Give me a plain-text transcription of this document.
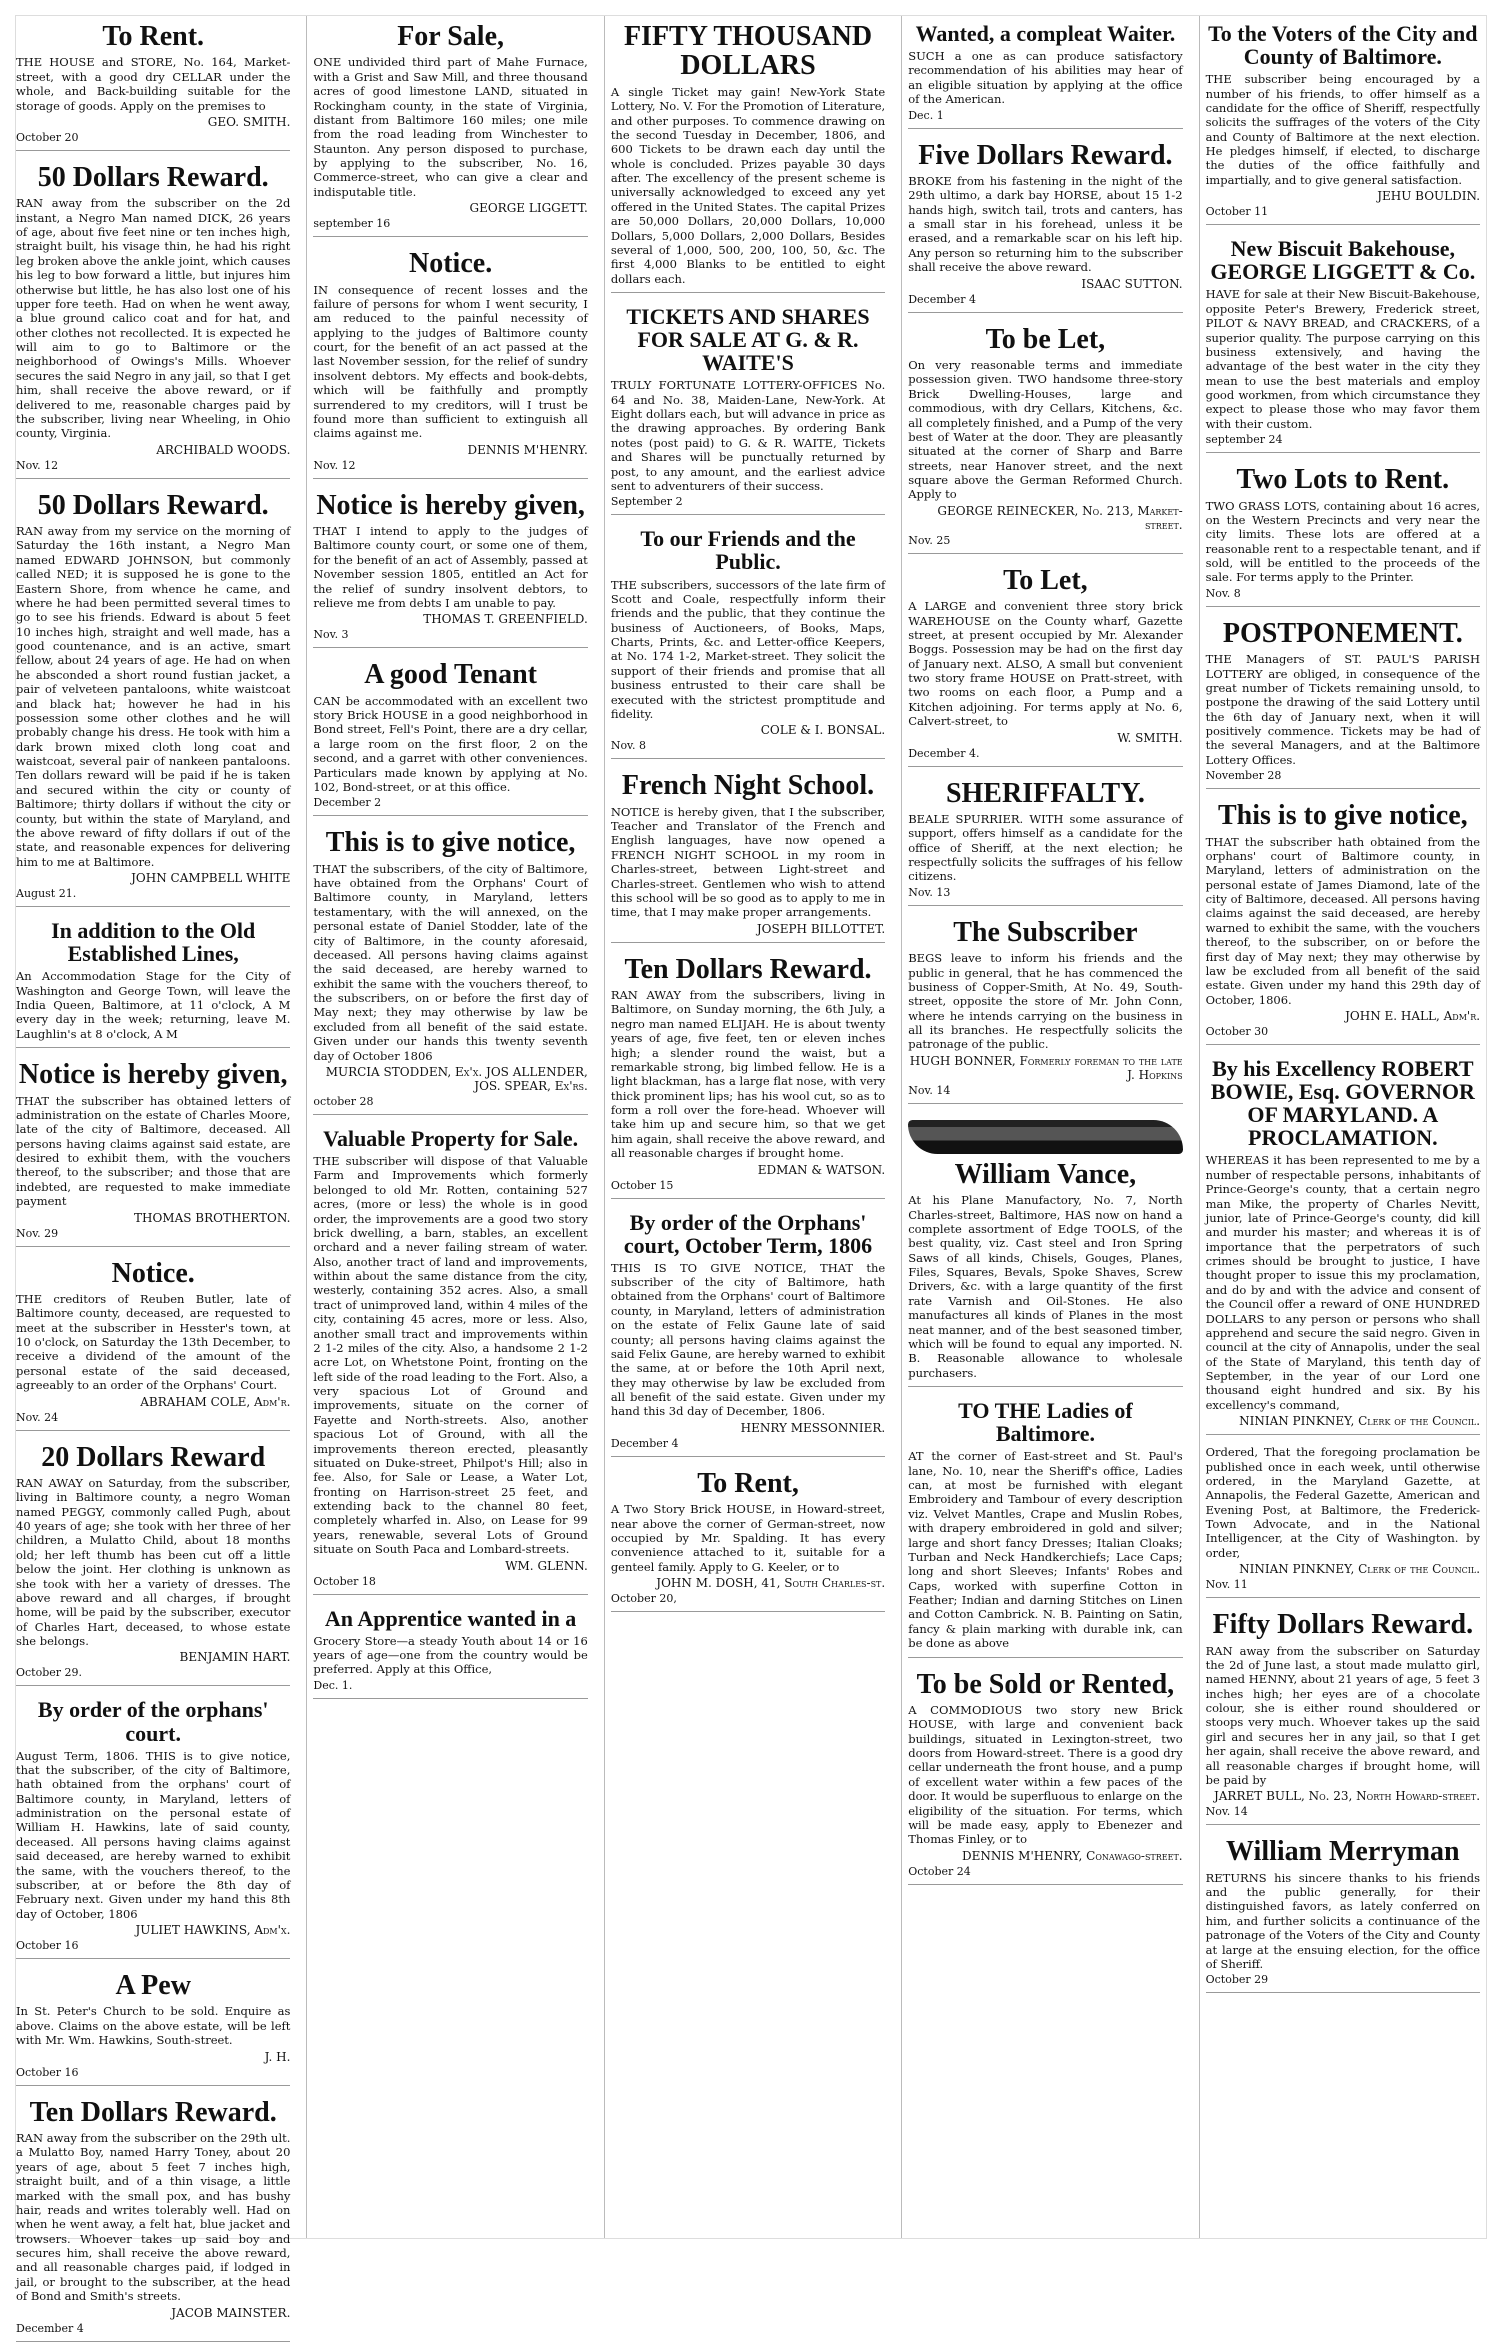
To Rent.
THE HOUSE and STORE, No. 164, Market-street, with a good dry CELLAR under the whole, and Back-building suitable for the storage of goods. Apply on the premises to
GEO. SMITH.
October 20
50 Dollars Reward.
RAN away from the subscriber on the 2d instant, a Negro Man named DICK, 26 years of age, about five feet nine or ten inches high, straight built, his visage thin, he had his right leg broken above the ankle joint, which causes his leg to bow forward a little, but injures him otherwise but little, he has also lost one of his upper fore teeth. Had on when he went away, a blue ground calico coat and for hat, and other clothes not recollected. It is expected he will aim to go to Baltimore or the neighborhood of Owings's Mills. Whoever secures the said Negro in any jail, so that I get him, shall receive the above reward, or if delivered to me, reasonable charges paid by the subscriber, living near Wheeling, in Ohio county, Virginia.
ARCHIBALD WOODS.
Nov. 12
50 Dollars Reward.
RAN away from my service on the morning of Saturday the 16th instant, a Negro Man named EDWARD JOHNSON, but commonly called NED; it is supposed he is gone to the Eastern Shore, from whence he came, and where he had been permitted several times to go to see his friends. Edward is about 5 feet 10 inches high, straight and well made, has a good countenance, and is an active, smart fellow, about 24 years of age. He had on when he absconded a short round fustian jacket, a pair of velveteen pantaloons, white waistcoat and black hat; however he had in his possession some other clothes and he will probably change his dress. He took with him a dark brown mixed cloth long coat and waistcoat, several pair of nankeen pantaloons. Ten dollars reward will be paid if he is taken and secured within the city or county of Baltimore; thirty dollars if without the city or county, but within the state of Maryland, and the above reward of fifty dollars if out of the state, and reasonable expences for delivering him to me at Baltimore.
JOHN CAMPBELL WHITE
August 21.
In addition to the Old Established Lines,
An Accommodation Stage for the City of Washington and George Town, will leave the India Queen, Baltimore, at 11 o'clock, A M every day in the week; returning, leave M. Laughlin's at 8 o'clock, A M
Notice is hereby given,
THAT the subscriber has obtained letters of administration on the estate of Charles Moore, late of the city of Baltimore, deceased. All persons having claims against said estate, are desired to exhibit them, with the vouchers thereof, to the subscriber; and those that are indebted, are requested to make immediate payment
THOMAS BROTHERTON.
Nov. 29
Notice.
THE creditors of Reuben Butler, late of Baltimore county, deceased, are requested to meet at the subscriber in Hesster's town, at 10 o'clock, on Saturday the 13th December, to receive a dividend of the amount of the personal estate of the said deceased, agreeably to an order of the Orphans' Court.
ABRAHAM COLE, Adm'r.
Nov. 24
20 Dollars Reward
RAN AWAY on Saturday, from the subscriber, living in Baltimore county, a negro Woman named PEGGY, commonly called Pugh, about 40 years of age; she took with her three of her children, a Mulatto Child, about 18 months old; her left thumb has been cut off a little below the joint. Her clothing is unknown as she took with her a variety of dresses. The above reward and all charges, if brought home, will be paid by the subscriber, executor of Charles Hart, deceased, to whose estate she belongs.
BENJAMIN HART.
October 29.
By order of the orphans' court.
August Term, 1806. THIS is to give notice, that the subscriber, of the city of Baltimore, hath obtained from the orphans' court of Baltimore county, in Maryland, letters of administration on the personal estate of William H. Hawkins, late of said county, deceased. All persons having claims against said deceased, are hereby warned to exhibit the same, with the vouchers thereof, to the subscriber, at or before the 8th day of February next. Given under my hand this 8th day of October, 1806
JULIET HAWKINS, Adm'x.
October 16
A Pew
In St. Peter's Church to be sold. Enquire as above. Claims on the above estate, will be left with Mr. Wm. Hawkins, South-street.
J. H.
October 16
Ten Dollars Reward.
RAN away from the subscriber on the 29th ult. a Mulatto Boy, named Harry Toney, about 20 years of age, about 5 feet 7 inches high, straight built, and of a thin visage, a little marked with the small pox, and has bushy hair, reads and writes tolerably well. Had on when he went away, a felt hat, blue jacket and trowsers. Whoever takes up said boy and secures him, shall receive the above reward, and all reasonable charges paid, if lodged in jail, or brought to the subscriber, at the head of Bond and Smith's streets.
JACOB MAINSTER.
December 4
For Sale,
ONE undivided third part of Mahe Furnace, with a Grist and Saw Mill, and three thousand acres of good limestone LAND, situated in Rockingham county, in the state of Virginia, distant from Baltimore 160 miles; one mile from the road leading from Winchester to Staunton. Any person disposed to purchase, by applying to the subscriber, No. 16, Commerce-street, who can give a clear and indisputable title.
GEORGE LIGGETT.
september 16
Notice.
IN consequence of recent losses and the failure of persons for whom I went security, I am reduced to the painful necessity of applying to the judges of Baltimore county court, for the benefit of an act passed at the last November session, for the relief of sundry insolvent debtors. My effects and book-debts, which will be faithfully and promptly surrendered to my creditors, will I trust be found more than sufficient to extinguish all claims against me.
DENNIS M'HENRY.
Nov. 12
Notice is hereby given,
THAT I intend to apply to the judges of Baltimore county court, or some one of them, for the benefit of an act of Assembly, passed at November session 1805, entitled an Act for the relief of sundry insolvent debtors, to relieve me from debts I am unable to pay.
THOMAS T. GREENFIELD.
Nov. 3
A good Tenant
CAN be accommodated with an excellent two story Brick HOUSE in a good neighborhood in Bond street, Fell's Point, there are a dry cellar, a large room on the first floor, 2 on the second, and a garret with other conveniences. Particulars made known by applying at No. 102, Bond-street, or at this office.
December 2
This is to give notice,
THAT the subscribers, of the city of Baltimore, have obtained from the Orphans' Court of Baltimore county, in Maryland, letters testamentary, with the will annexed, on the personal estate of Daniel Stodder, late of the city of Baltimore, in the county aforesaid, deceased. All persons having claims against the said deceased, are hereby warned to exhibit the same with the vouchers thereof, to the subscribers, on or before the first day of May next; they may otherwise by law be excluded from all benefit of the said estate. Given under our hands this twenty seventh day of October 1806
MURCIA STODDEN, Ex'x. JOS ALLENDER, JOS. SPEAR, Ex'rs.
october 28
Valuable Property for Sale.
THE subscriber will dispose of that Valuable Farm and Improvements which formerly belonged to old Mr. Rotten, containing 527 acres, (more or less) the whole is in good order, the improvements are a good two story brick dwelling, a barn, stables, an excellent orchard and a never failing stream of water. Also, another tract of land and improvements, within about the same distance from the city, westerly, containing 352 acres. Also, a small tract of unimproved land, within 4 miles of the city, containing 45 acres, more or less. Also, another small tract and improvements within 2 1-2 miles of the city. Also, a handsome 2 1-2 acre Lot, on Whetstone Point, fronting on the left side of the road leading to the Fort. Also, a very spacious Lot of Ground and improvements, situate on the corner of Fayette and North-streets. Also, another spacious Lot of Ground, with all the improvements thereon erected, pleasantly situated on Duke-street, Philpot's Hill; also in fee. Also, for Sale or Lease, a Water Lot, fronting on Harrison-street 25 feet, and extending back to the channel 80 feet, completely wharfed in. Also, on Lease for 99 years, renewable, several Lots of Ground situate on South Paca and Lombard-streets.
WM. GLENN.
October 18
An Apprentice wanted in a
Grocery Store—a steady Youth about 14 or 16 years of age—one from the country would be preferred. Apply at this Office,
Dec. 1.
FIFTY THOUSAND DOLLARS
A single Ticket may gain! New-York State Lottery, No. V. For the Promotion of Literature, and other purposes. To commence drawing on the second Tuesday in December, 1806, and 600 Tickets to be drawn each day until the whole is concluded. Prizes payable 30 days after. The excellency of the present scheme is universally acknowledged to exceed any yet offered in the United States. The capital Prizes are 50,000 Dollars, 20,000 Dollars, 10,000 Dollars, 5,000 Dollars, 2,000 Dollars, Besides several of 1,000, 500, 200, 100, 50, &c. The first 4,000 Blanks to be entitled to eight dollars each.
TICKETS AND SHARES FOR SALE AT G. & R. WAITE'S
TRULY FORTUNATE LOTTERY-OFFICES No. 64 and No. 38, Maiden-Lane, New-York. At Eight dollars each, but will advance in price as the drawing approaches. By ordering Bank notes (post paid) to G. & R. WAITE, Tickets and Shares will be punctually returned by post, to any amount, and the earliest advice sent to adventurers of their success.
September 2
To our Friends and the Public.
THE subscribers, successors of the late firm of Scott and Coale, respectfully inform their friends and the public, that they continue the business of Auctioneers, of Books, Maps, Charts, Prints, &c. and Letter-office Keepers, at No. 174 1-2, Market-street. They solicit the support of their friends and promise that all business entrusted to their care shall be executed with the strictest promptitude and fidelity.
COLE & I. BONSAL.
Nov. 8
French Night School.
NOTICE is hereby given, that I the subscriber, Teacher and Translator of the French and English languages, have now opened a FRENCH NIGHT SCHOOL in my room in Charles-street, between Light-street and Charles-street. Gentlemen who wish to attend this school will be so good as to apply to me in time, that I may make proper arrangements.
JOSEPH BILLOTTET.
Ten Dollars Reward.
RAN AWAY from the subscribers, living in Baltimore, on Sunday morning, the 6th July, a negro man named ELIJAH. He is about twenty years of age, five feet, ten or eleven inches high; a slender round the waist, but a remarkable strong, big limbed fellow. He is a light blackman, has a large flat nose, with very thick prominent lips; has his wool cut, so as to form a roll over the fore-head. Whoever will take him up and secure him, so that we get him again, shall receive the above reward, and all reasonable charges if brought home.
EDMAN & WATSON.
October 15
By order of the Orphans' court, October Term, 1806
THIS IS TO GIVE NOTICE, THAT the subscriber of the city of Baltimore, hath obtained from the Orphans' court of Baltimore county, in Maryland, letters of administration on the estate of Felix Gaune late of said county; all persons having claims against the said Felix Gaune, are hereby warned to exhibit the same, at or before the 10th April next, they may otherwise by law be excluded from all benefit of the said estate. Given under my hand this 3d day of December, 1806.
HENRY MESSONNIER.
December 4
To Rent,
A Two Story Brick HOUSE, in Howard-street, near above the corner of German-street, now occupied by Mr. Spalding. It has every convenience attached to it, suitable for a genteel family. Apply to G. Keeler, or to
JOHN M. DOSH, 41, South Charles-st.
October 20,
Wanted, a compleat Waiter.
SUCH a one as can produce satisfactory recommendation of his abilities may hear of an eligible situation by applying at the office of the American.
Dec. 1
Five Dollars Reward.
BROKE from his fastening in the night of the 29th ultimo, a dark bay HORSE, about 15 1-2 hands high, switch tail, trots and canters, has a small star in his forehead, unless it be erased, and a remarkable scar on his left hip. Any person so returning him to the subscriber shall receive the above reward.
ISAAC SUTTON.
December 4
To be Let,
On very reasonable terms and immediate possession given. TWO handsome three-story Brick Dwelling-Houses, large and commodious, with dry Cellars, Kitchens, &c. all completely finished, and a Pump of the very best of Water at the door. They are pleasantly situated at the corner of Sharp and Barre streets, near Hanover street, and the next square above the German Reformed Church. Apply to
GEORGE REINECKER, No. 213, Market-street.
Nov. 25
To Let,
A LARGE and convenient three story brick WAREHOUSE on the County wharf, Gazette street, at present occupied by Mr. Alexander Boggs. Possession may be had on the first day of January next. ALSO, A small but convenient two story frame HOUSE on Pratt-street, with two rooms on each floor, a Pump and a Kitchen adjoining. For terms apply at No. 6, Calvert-street, to
W. SMITH.
December 4.
SHERIFFALTY.
BEALE SPURRIER. WITH some assurance of support, offers himself as a candidate for the office of Sheriff, at the next election; he respectfully solicits the suffrages of his fellow citizens.
Nov. 13
The Subscriber
BEGS leave to inform his friends and the public in general, that he has commenced the business of Copper-Smith, At No. 49, South-street, opposite the store of Mr. John Conn, where he intends carrying on the business in all its branches. He respectfully solicits the patronage of the public.
HUGH BONNER, Formerly foreman to the late J. Hopkins
Nov. 14
William Vance,
At his Plane Manufactory, No. 7, North Charles-street, Baltimore, HAS now on hand a complete assortment of Edge TOOLS, of the best quality, viz. Cast steel and Iron Spring Saws of all kinds, Chisels, Gouges, Planes, Files, Squares, Bevals, Spoke Shaves, Screw Drivers, &c. with a large quantity of the first rate Varnish and Oil-Stones. He also manufactures all kinds of Planes in the most neat manner, and of the best seasoned timber, which will be found to equal any imported. N. B. Reasonable allowance to wholesale purchasers.
TO THE Ladies of Baltimore.
AT the corner of East-street and St. Paul's lane, No. 10, near the Sheriff's office, Ladies can, at most be furnished with elegant Embroidery and Tambour of every description viz. Velvet Mantles, Crape and Muslin Robes, with drapery embroidered in gold and silver; large and short fancy Dresses; Italian Cloaks; Turban and Neck Handkerchiefs; Lace Caps; long and short Sleeves; Infants' Robes and Caps, worked with superfine Cotton in Feather; Indian and darning Stitches on Linen and Cotton Cambrick. N. B. Painting on Satin, fancy & plain marking with durable ink, can be done as above
To be Sold or Rented,
A COMMODIOUS two story new Brick HOUSE, with large and convenient back buildings, situated in Lexington-street, two doors from Howard-street. There is a good dry cellar underneath the front house, and a pump of excellent water within a few paces of the door. It would be superfluous to enlarge on the eligibility of the situation. For terms, which will be made easy, apply to Ebenezer and Thomas Finley, or to
DENNIS M'HENRY, Conawago-street.
October 24
To the Voters of the City and County of Baltimore.
THE subscriber being encouraged by a number of his friends, to offer himself as a candidate for the office of Sheriff, respectfully solicits the suffrages of the voters of the City and County of Baltimore at the next election. He pledges himself, if elected, to discharge the duties of the office faithfully and impartially, and to give general satisfaction.
JEHU BOULDIN.
October 11
New Biscuit Bakehouse, GEORGE LIGGETT & Co.
HAVE for sale at their New Biscuit-Bakehouse, opposite Peter's Brewery, Frederick street, PILOT & NAVY BREAD, and CRACKERS, of a superior quality. The purpose carrying on this business extensively, and having the advantage of the best water in the city they mean to use the best materials and employ good workmen, from which circumstance they expect to please those who may favor them with their custom.
september 24
Two Lots to Rent.
TWO GRASS LOTS, containing about 16 acres, on the Western Precincts and very near the city limits. These lots are offered at a reasonable rent to a respectable tenant, and if sold, will be entitled to the proceeds of the sale. For terms apply to the Printer.
Nov. 8
POSTPONEMENT.
THE Managers of ST. PAUL'S PARISH LOTTERY are obliged, in consequence of the great number of Tickets remaining unsold, to postpone the drawing of the said Lottery until the 6th day of January next, when it will positively commence. Tickets may be had of the several Managers, and at the Baltimore Lottery Offices.
November 28
This is to give notice,
THAT the subscriber hath obtained from the orphans' court of Baltimore county, in Maryland, letters of administration on the personal estate of James Diamond, late of the city of Baltimore, deceased. All persons having claims against the said deceased, are hereby warned to exhibit the same, with the vouchers thereof, to the subscriber, on or before the first day of May next; they may otherwise by law be excluded from all benefit of the said estate. Given under my hand this 29th day of October, 1806.
JOHN E. HALL, Adm'r.
October 30
By his Excellency ROBERT BOWIE, Esq. GOVERNOR OF MARYLAND. A PROCLAMATION.
WHEREAS it has been represented to me by a number of respectable persons, inhabitants of Prince-George's county, that a certain negro man Mike, the property of Charles Nevitt, junior, late of Prince-George's county, did kill and murder his master; and whereas it is of importance that the perpetrators of such crimes should be brought to justice, I have thought proper to issue this my proclamation, and do by and with the advice and consent of the Council offer a reward of ONE HUNDRED DOLLARS to any person or persons who shall apprehend and secure the said negro. Given in council at the city of Annapolis, under the seal of the State of Maryland, this tenth day of September, in the year of our Lord one thousand eight hundred and six. By his excellency's command,
NINIAN PINKNEY, Clerk of the Council.
Ordered, That the foregoing proclamation be published once in each week, until otherwise ordered, in the Maryland Gazette, at Annapolis, the Federal Gazette, American and Evening Post, at Baltimore, the Frederick-Town Advocate, and in the National Intelligencer, at the City of Washington. by order,
NINIAN PINKNEY, Clerk of the Council.
Nov. 11
Fifty Dollars Reward.
RAN away from the subscriber on Saturday the 2d of June last, a stout made mulatto girl, named HENNY, about 21 years of age, 5 feet 3 inches high; her eyes are of a chocolate colour, she is either round shouldered or stoops very much. Whoever takes up the said girl and secures her in any jail, so that I get her again, shall receive the above reward, and all reasonable charges if brought home, will be paid by
JARRET BULL, No. 23, North Howard-street.
Nov. 14
William Merryman
RETURNS his sincere thanks to his friends and the public generally, for their distinguished favors, as lately conferred on him, and further solicits a continuance of the patronage of the Voters of the City and County at large at the ensuing election, for the office of Sheriff.
October 29
